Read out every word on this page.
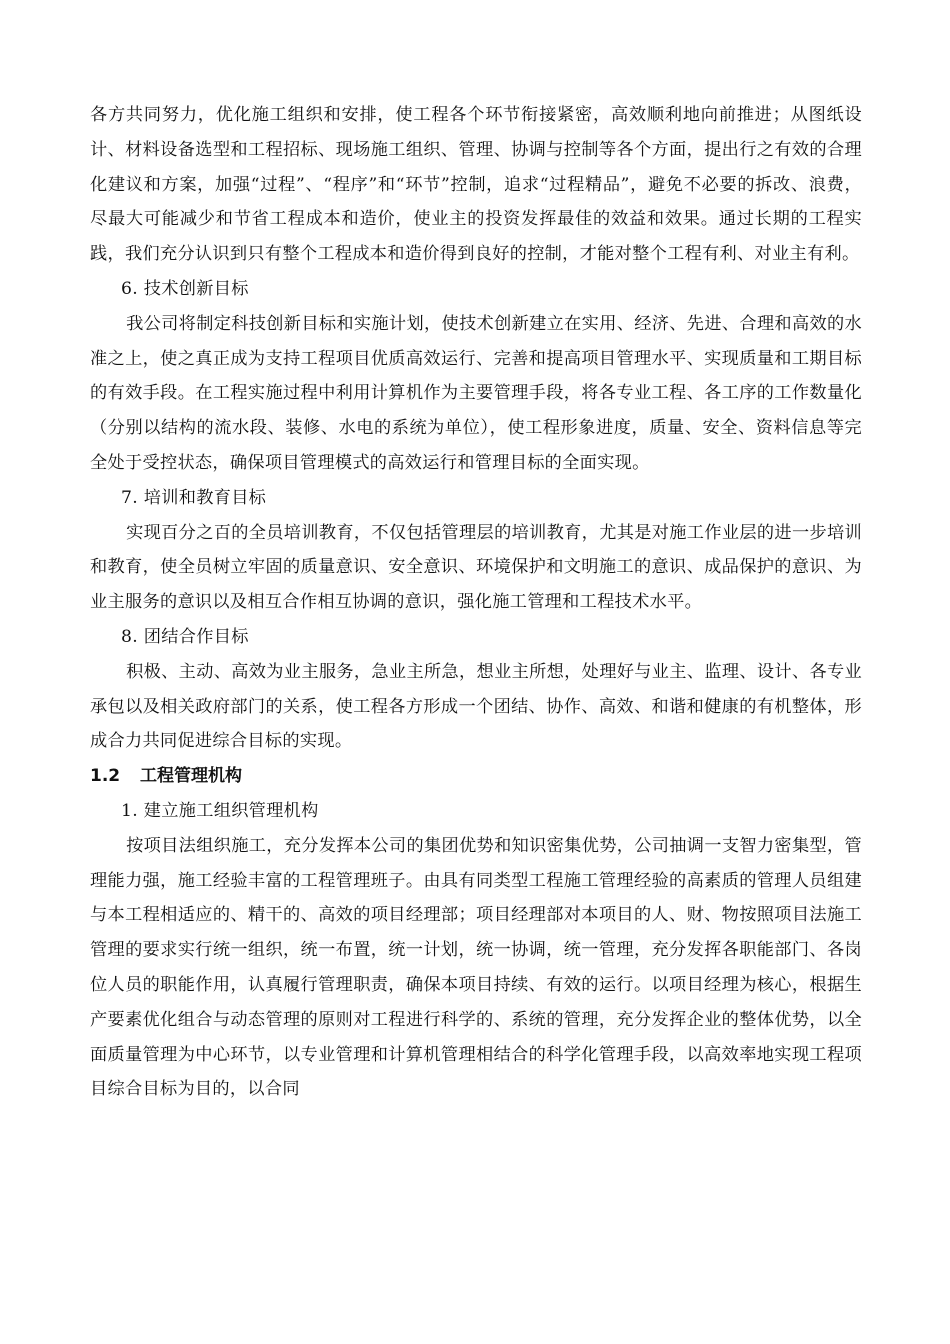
各方共同努力，优化施工组织和安排，使工程各个环节衔接紧密，高效顺利地向前推进；从图纸设计、材料设备选型和工程招标、现场施工组织、管理、协调与控制等各个方面，提出行之有效的合理化建议和方案，加强“过程”、“程序”和“环节”控制，追求“过程精品”，避免不必要的拆改、浪费，尽最大可能减少和节省工程成本和造价，使业主的投资发挥最佳的效益和效果。通过长期的工程实践，我们充分认识到只有整个工程成本和造价得到良好的控制，才能对整个工程有利、对业主有利。

6. 技术创新目标

我公司将制定科技创新目标和实施计划，使技术创新建立在实用、经济、先进、合理和高效的水准之上，使之真正成为支持工程项目优质高效运行、完善和提高项目管理水平、实现质量和工期目标的有效手段。在工程实施过程中利用计算机作为主要管理手段，将各专业工程、各工序的工作数量化（分别以结构的流水段、装修、水电的系统为单位），使工程形象进度，质量、安全、资料信息等完全处于受控状态，确保项目管理模式的高效运行和管理目标的全面实现。

7. 培训和教育目标

实现百分之百的全员培训教育，不仅包括管理层的培训教育，尤其是对施工作业层的进一步培训和教育，使全员树立牢固的质量意识、安全意识、环境保护和文明施工的意识、成品保护的意识、为业主服务的意识以及相互合作相互协调的意识，强化施工管理和工程技术水平。

8. 团结合作目标

积极、主动、高效为业主服务，急业主所急，想业主所想，处理好与业主、监理、设计、各专业承包以及相关政府部门的关系，使工程各方形成一个团结、协作、高效、和谐和健康的有机整体，形成合力共同促进综合目标的实现。

1.2 工程管理机构

1. 建立施工组织管理机构

按项目法组织施工，充分发挥本公司的集团优势和知识密集优势，公司抽调一支智力密集型，管理能力强，施工经验丰富的工程管理班子。由具有同类型工程施工管理经验的高素质的管理人员组建与本工程相适应的、精干的、高效的项目经理部；项目经理部对本项目的人、财、物按照项目法施工管理的要求实行统一组织，统一布置，统一计划，统一协调，统一管理，充分发挥各职能部门、各岗位人员的职能作用，认真履行管理职责，确保本项目持续、有效的运行。以项目经理为核心，根据生产要素优化组合与动态管理的原则对工程进行科学的、系统的管理，充分发挥企业的整体优势，以全面质量管理为中心环节，以专业管理和计算机管理相结合的科学化管理手段，以高效率地实现工程项目综合目标为目的，以合同
